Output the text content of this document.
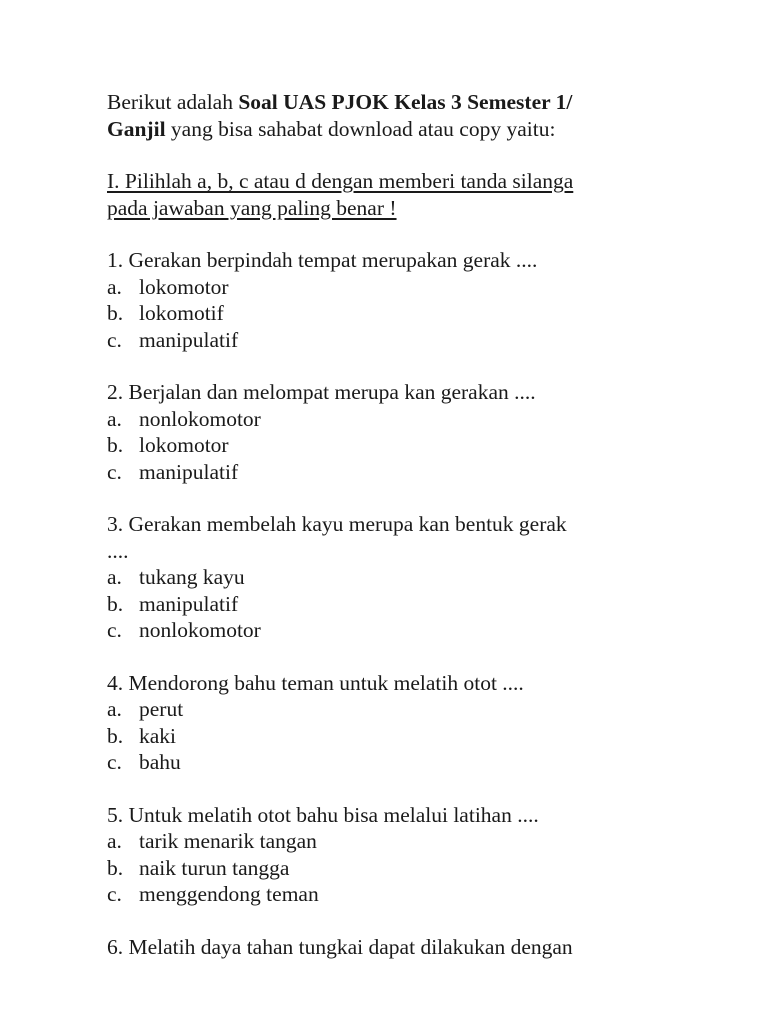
Berikut adalah Soal UAS PJOK Kelas 3 Semester 1/
Ganjil yang bisa sahabat download atau copy yaitu:
I. Pilihlah a, b, c atau d dengan memberi tanda silanga
pada jawaban yang paling benar !
1. Gerakan berpindah tempat merupakan gerak ....
a. lokomotor
b. lokomotif
c. manipulatif
2. Berjalan dan melompat merupa kan gerakan ....
a. nonlokomotor
b. lokomotor
c. manipulatif
3. Gerakan membelah kayu merupa kan bentuk gerak
....
a. tukang kayu
b. manipulatif
c. nonlokomotor
4. Mendorong bahu teman untuk melatih otot ....
a. perut
b. kaki
c. bahu
5. Untuk melatih otot bahu bisa melalui latihan ....
a. tarik menarik tangan
b. naik turun tangga
c. menggendong teman
6. Melatih daya tahan tungkai dapat dilakukan dengan
